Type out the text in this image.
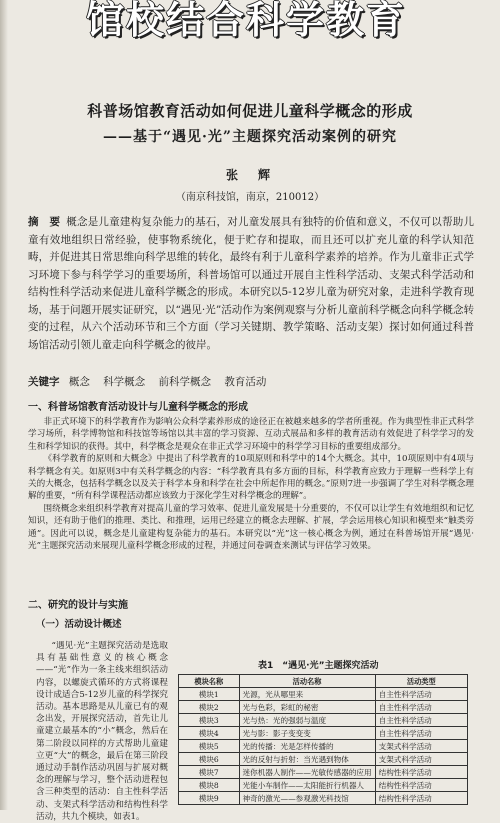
馆校结合科学教育
科普场馆教育活动如何促进儿童科学概念的形成
——基于“遇见·光”主题探究活动案例的研究
张　辉
（南京科技馆，南京，210012）
摘　要 概念是儿童建构复杂能力的基石，对儿童发展具有独特的价值和意义，不仅可以帮助儿童有效地组织日常经验，使事物系统化，便于贮存和提取，而且还可以扩充儿童的科学认知范畴，并促进其日常思维向科学思维的转化，最终有利于儿童科学素养的培养。作为儿童非正式学习环境下参与科学学习的重要场所，科普场馆可以通过开展自主性科学活动、支架式科学活动和结构性科学活动来促进儿童科学概念的形成。本研究以5-12岁儿童为研究对象，走进科学教育现场，基于问题开展实证研究，以“遇见·光”活动作为案例观察与分析儿童前科学概念向科学概念转变的过程，从六个活动环节和三个方面（学习关键期、教学策略、活动支架）探讨如何通过科普场馆活动引领儿童走向科学概念的彼岸。
关键字 概念 科学概念 前科学概念 教育活动
一、科普场馆教育活动设计与儿童科学概念的形成

非正式环境下的科学教育作为影响公众科学素养形成的途径正在被越来越多的学者所重视。作为典型性非正式科学学习场所，科学博物馆和科技馆等场馆以其丰富的学习资源、互动式展品和多样的教育活动有效促进了科学学习的发生和科学知识的获得。其中，科学概念是观众在非正式学习环境中的科学学习目标的重要组成部分。

《科学教育的原则和大概念》中提出了科学教育的10项原则和科学中的14个大概念。其中，10项原则中有4项与科学概念有关。如原则3中有关科学概念的内容：“科学教育具有多方面的目标，科学教育应致力于理解一些科学上有关的大概念，包括科学概念以及关于科学本身和科学在社会中所起作用的概念。”原则7进一步强调了学生对科学概念理解的重要，“所有科学课程活动都应该致力于深化学生对科学概念的理解”。

围绕概念来组织科学教育对提高儿童的学习效率、促进儿童发展是十分重要的，不仅可以让学生有效地组织和记忆知识，还有助于他们的推理、类比、和推理，运用已经建立的概念去理解、扩展，学会运用核心知识和模型来“触类旁通”。因此可以说，概念是儿童建构复杂能力的基石。本研究以“光”这一核心概念为例，通过在科普场馆开展“遇见·光”主题探究活动来展现儿童科学概念形成的过程，并通过问卷调查来测试与评估学习效果。

二、研究的设计与实施
（一）活动设计概述
“遇见·光”主题探究活动是选取具有基础性意义的核心概念——“光”作为一条主线来组织活动内容，以螺旋式循环的方式将课程设计成适合5-12岁儿童的科学探究活动。基本思路是从儿童已有的观念出发，开展探究活动，首先让儿童建立最基本的“小”概念，然后在第二阶段以同样的方式帮助儿童建立更“大”的概念，最后在第三阶段通过动手制作活动巩固与扩展对概念的理解与学习，整个活动进程包含三种类型的活动：自主性科学活动、支架式科学活动和结构性科学活动，共九个模块，如表1。
表1　“遇见·光”主题探究活动
模块名称	活动名称	活动类型
模块1	光源，光从哪里来	自主性科学活动
模块2	光与色彩，彩虹的秘密	自主性科学活动
模块3	光与热：光的强弱与温度	自主性科学活动
模块4	光与影：影子变变变	自主性科学活动
模块5	光的传播：光是怎样传播的	支架式科学活动
模块6	光的反射与折射：当光遇到物体	支架式科学活动
模块7	迷你机器人制作——光敏传感器的应用	结构性科学活动
模块8	光能小车制作——太阳能折行机器人	结构性科学活动
模块9	神奇的激光——参观激光科技馆	结构性科学活动
